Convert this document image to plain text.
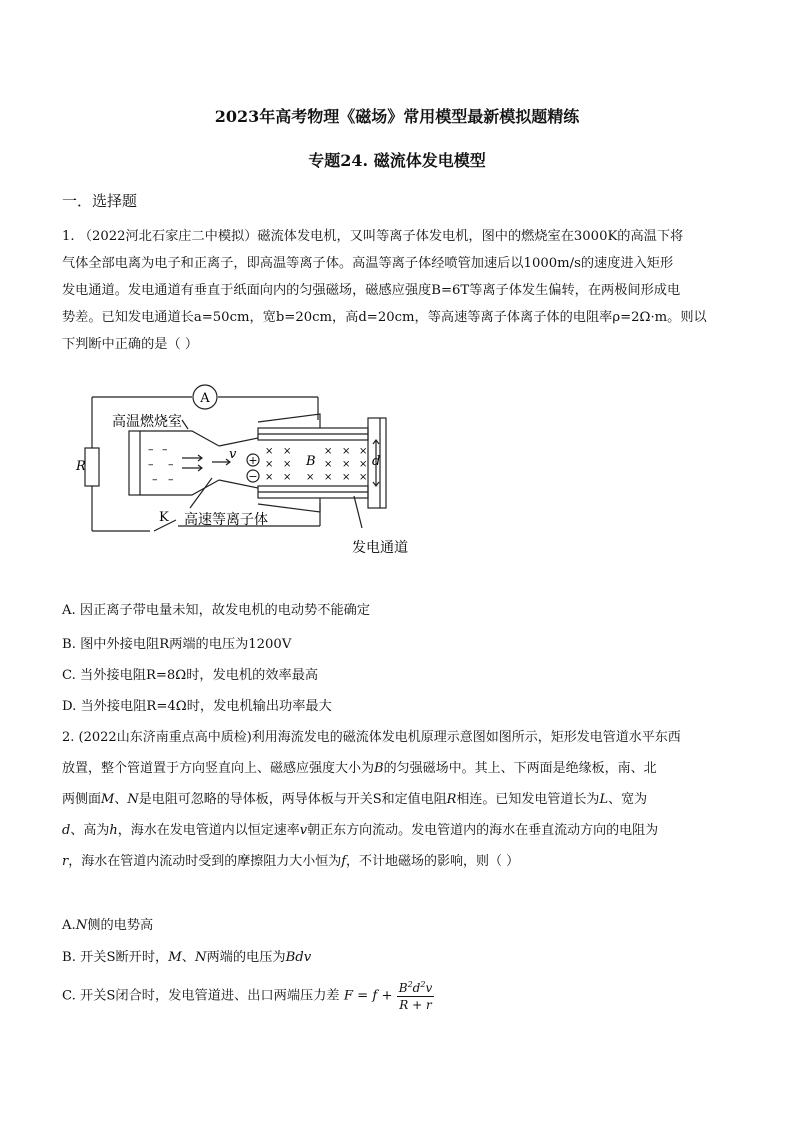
2023年高考物理《磁场》常用模型最新模拟题精练
专题24. 磁流体发电模型
一．选择题
1. （2022河北石家庄二中模拟）磁流体发电机，又叫等离子体发电机，图中的燃烧室在3000K的高温下将
气体全部电离为电子和正离子，即高温等离子体。高温等离子体经喷管加速后以1000m/s的速度进入矩形
发电通道。发电通道有垂直于纸面向内的匀强磁场，磁感应强度B=6T等离子体发生偏转，在两极间形成电
势差。已知发电通道长a=50cm，宽b=20cm，高d=20cm，等高速等离子体离子体的电阻率ρ=2Ω·m。则以
下判断中正确的是（ ）
A
R
K
高温燃烧室
高速等离子体
发电通道
v	B	d
+
−
– –
– –
– –
× ×	× × ×
× ×	× × ×
× × × × × ×
A. 因正离子带电量未知，故发电机的电动势不能确定
B. 图中外接电阻R两端的电压为1200V
C. 当外接电阻R=8Ω时，发电机的效率最高
D. 当外接电阻R=4Ω时，发电机输出功率最大
2. (2022山东济南重点高中质检)利用海流发电的磁流体发电机原理示意图如图所示，矩形发电管道水平东西
放置，整个管道置于方向竖直向上、磁感应强度大小为B的匀强磁场中。其上、下两面是绝缘板，南、北
两侧面M、N是电阻可忽略的导体板，两导体板与开关S和定值电阻R相连。已知发电管道长为L、宽为
d、高为h，海水在发电管道内以恒定速率v朝正东方向流动。发电管道内的海水在垂直流动方向的电阻为
r，海水在管道内流动时受到的摩擦阻力大小恒为f，不计地磁场的影响，则（ ）
A.N侧的电势高
B. 开关S断开时，M、N两端的电压为Bdv
C. 开关S闭合时，发电管道进、出口两端压力差 $F = f + \frac{B^2d^2v}{R + r}$
